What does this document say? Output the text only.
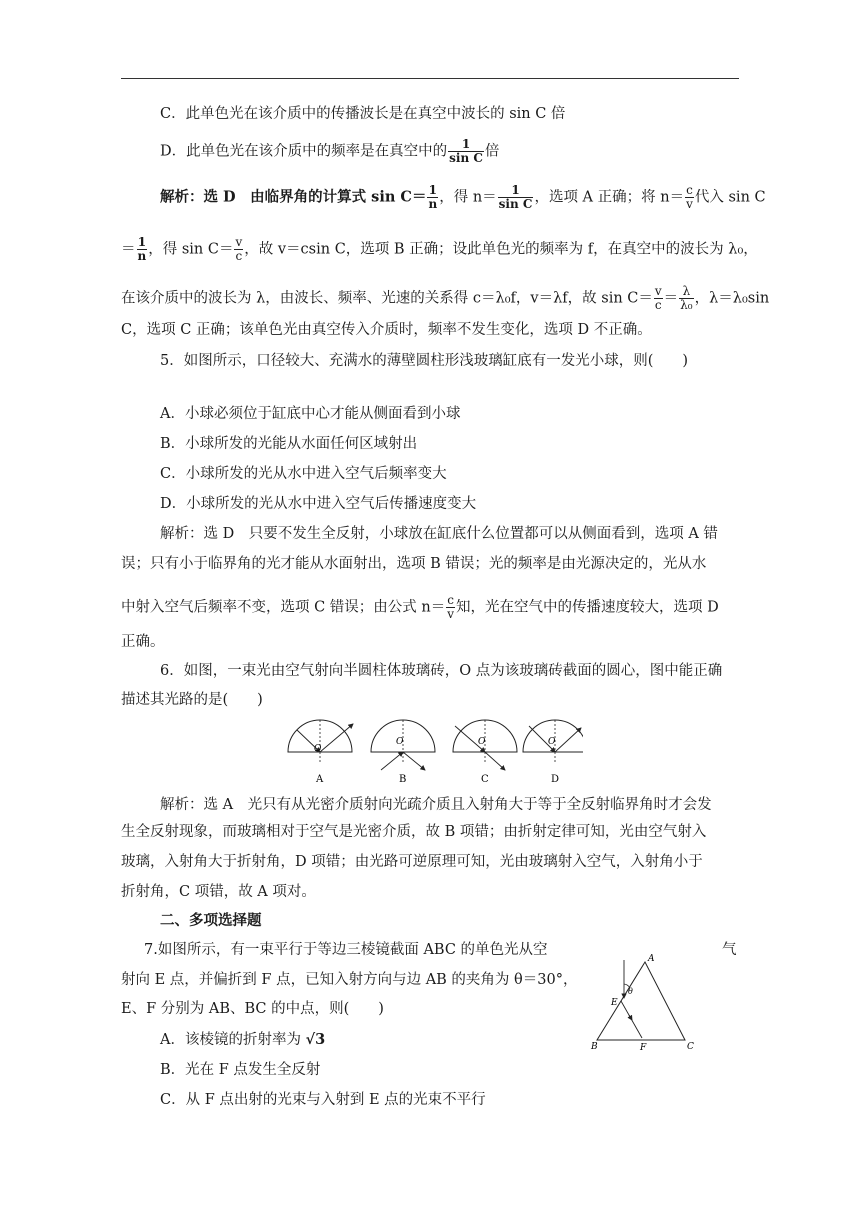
C．此单色光在该介质中的传播波长是在真空中波长的 sin C 倍
D．此单色光在该介质中的频率是在真空中的 $\frac{1}{\text{sin C}}$ 倍
解析：选 D　由临界角的计算式 $\sin C= \frac{1}{n}$ ，得 $n= \frac{1}{\text{sin C}}$ ，选项 A 正确；将 $n= \frac{c}{v}$ 代入 sin C
＝ $\frac{1}{n}$ ，得 $\sin C= \frac{v}{c}$ ，故 v＝csin C，选项 B 正确；设此单色光的频率为 f，在真空中的波长为 λ₀，
在该介质中的波长为 λ，由波长、频率、光速的关系得 c＝λ₀f，v＝λf，故 $\sin C= \frac{v}{c} = \frac{\lambda}{\text{λ₀}}$ ，λ＝λ₀sin
C，选项 C 正确；该单色光由真空传入介质时，频率不发生变化，选项 D 不正确。
5．如图所示，口径较大、充满水的薄壁圆柱形浅玻璃缸底有一发光小球，则(　　)
A．小球必须位于缸底中心才能从侧面看到小球
B．小球所发的光能从水面任何区域射出
C．小球所发的光从水中进入空气后频率变大
D．小球所发的光从水中进入空气后传播速度变大
解析：选 D　只要不发生全反射，小球放在缸底什么位置都可以从侧面看到，选项 A 错
误；只有小于临界角的光才能从水面射出，选项 B 错误；光的频率是由光源决定的，光从水
中射入空气后频率不变，选项 C 错误；由公式 $n= \frac{c}{v}$ 知，光在空气中的传播速度较大，选项 D
正确。
6．如图，一束光由空气射向半圆柱体玻璃砖，O 点为该玻璃砖截面的圆心，图中能正确
描述其光路的是(　　)
O
A
O
B
O
C
O
D
解析：选 A　光只有从光密介质射向光疏介质且入射角大于等于全反射临界角时才会发
生全反射现象，而玻璃相对于空气是光密介质，故 B 项错；由折射定律可知，光由空气射入
玻璃，入射角大于折射角，D 项错；由光路可逆原理可知，光由玻璃射入空气，入射角小于
折射角，C 项错，故 A 项对。
二、多项选择题
7.如图所示，有一束平行于等边三棱镜截面 ABC 的单色光从空	气
射向 E 点，并偏折到 F 点，已知入射方向与边 AB 的夹角为 θ＝30°，
E、F 分别为 AB、BC 的中点，则(　　)
A．该棱镜的折射率为 √3
B．光在 F 点发生全反射
C．从 F 点出射的光束与入射到 E 点的光束不平行
A
B	C
E
F
θ
